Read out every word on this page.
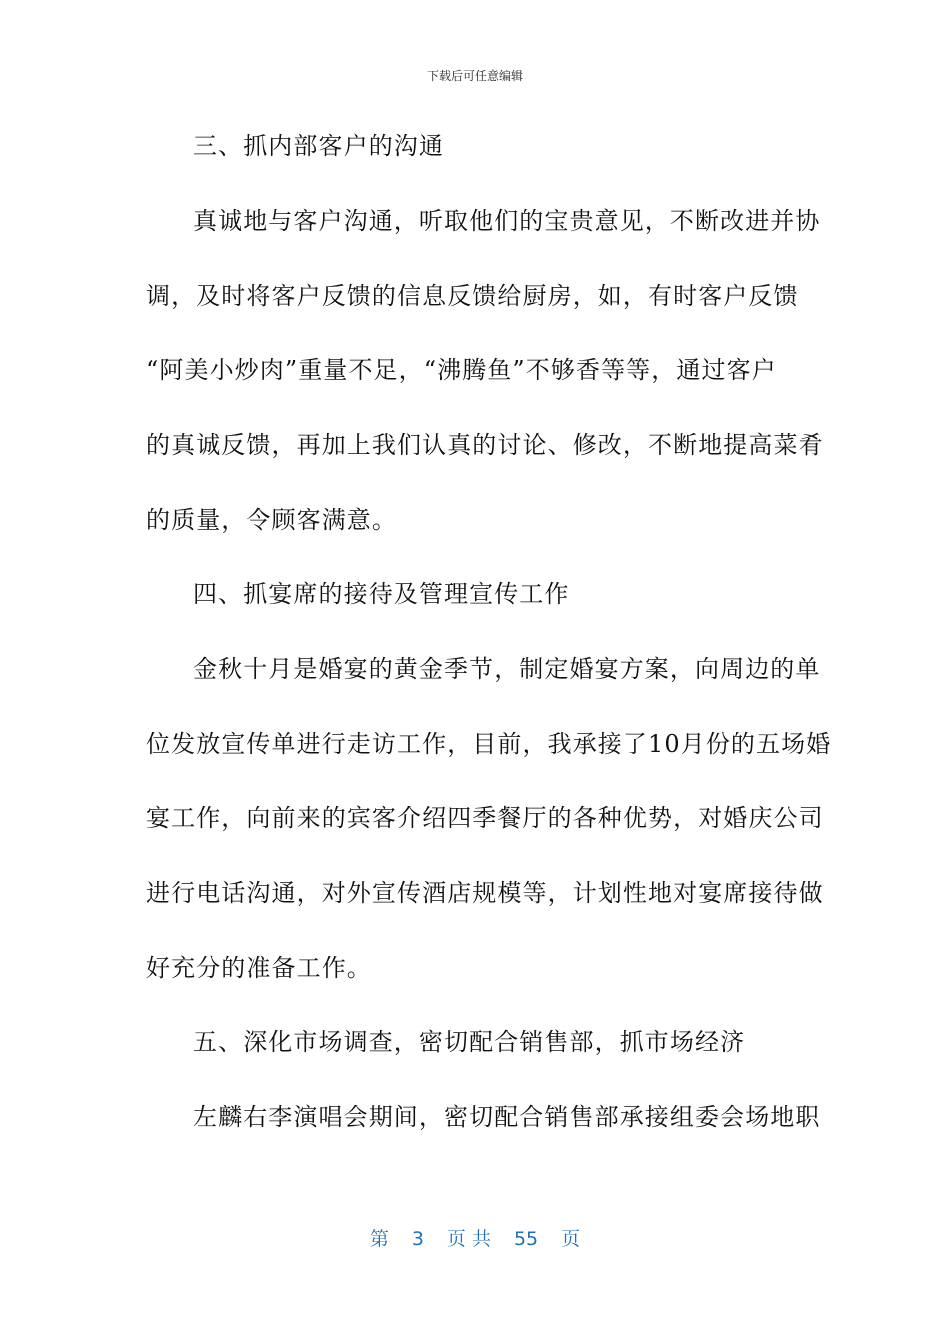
下载后可任意编辑
三、抓内部客户的沟通
真诚地与客户沟通，听取他们的宝贵意见，不断改进并协
调，及时将客户反馈的信息反馈给厨房，如，有时客户反馈
“阿美小炒肉”重量不足，“沸腾鱼”不够香等等，通过客户
的真诚反馈，再加上我们认真的讨论、修改，不断地提高菜肴
的质量，令顾客满意。
四、抓宴席的接待及管理宣传工作
金秋十月是婚宴的黄金季节，制定婚宴方案，向周边的单
位发放宣传单进行走访工作，目前，我承接了10月份的五场婚
宴工作，向前来的宾客介绍四季餐厅的各种优势，对婚庆公司
进行电话沟通，对外宣传酒店规模等，计划性地对宴席接待做
好充分的准备工作。
五、深化市场调查，密切配合销售部，抓市场经济
左麟右李演唱会期间，密切配合销售部承接组委会场地职
第 3 页 共 55 页
